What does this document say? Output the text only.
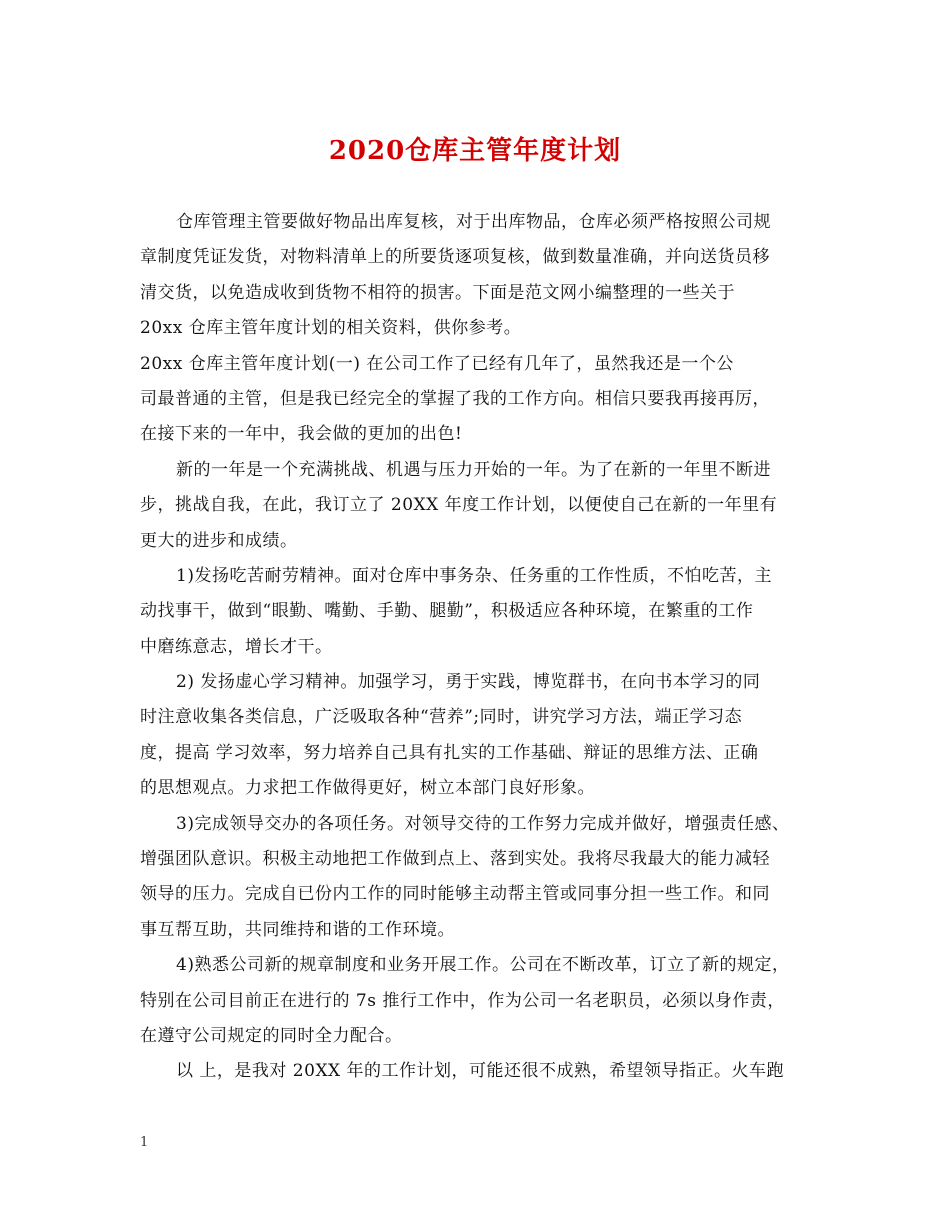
2020仓库主管年度计划
仓库管理主管要做好物品出库复核，对于出库物品，仓库必须严格按照公司规
章制度凭证发货，对物料清单上的所要货逐项复核，做到数量准确，并向送货员移
清交货，以免造成收到货物不相符的损害。下面是范文网小编整理的一些关于
20xx 仓库主管年度计划的相关资料，供你参考。
20xx 仓库主管年度计划(一) 在公司工作了已经有几年了，虽然我还是一个公
司最普通的主管，但是我已经完全的掌握了我的工作方向。相信只要我再接再厉，
在接下来的一年中，我会做的更加的出色!
新的一年是一个充满挑战、机遇与压力开始的一年。为了在新的一年里不断进
步，挑战自我，在此，我订立了 20XX 年度工作计划，以便使自己在新的一年里有
更大的进步和成绩。
1)发扬吃苦耐劳精神。面对仓库中事务杂、任务重的工作性质，不怕吃苦，主
动找事干，做到“眼勤、嘴勤、手勤、腿勤”，积极适应各种环境，在繁重的工作
中磨练意志，增长才干。
2) 发扬虚心学习精神。加强学习，勇于实践，博览群书，在向书本学习的同
时注意收集各类信息，广泛吸取各种“营养”;同时，讲究学习方法，端正学习态
度，提高 学习效率，努力培养自己具有扎实的工作基础、辩证的思维方法、正确
的思想观点。力求把工作做得更好，树立本部门良好形象。
3)完成领导交办的各项任务。对领导交待的工作努力完成并做好，增强责任感、
增强团队意识。积极主动地把工作做到点上、落到实处。我将尽我最大的能力减轻
领导的压力。完成自已份内工作的同时能够主动帮主管或同事分担一些工作。和同
事互帮互助，共同维持和谐的工作环境。
4)熟悉公司新的规章制度和业务开展工作。公司在不断改革，订立了新的规定，
特别在公司目前正在进行的 7s 推行工作中，作为公司一名老职员，必须以身作责，
在遵守公司规定的同时全力配合。
以 上，是我对 20XX 年的工作计划，可能还很不成熟，希望领导指正。火车跑
1
